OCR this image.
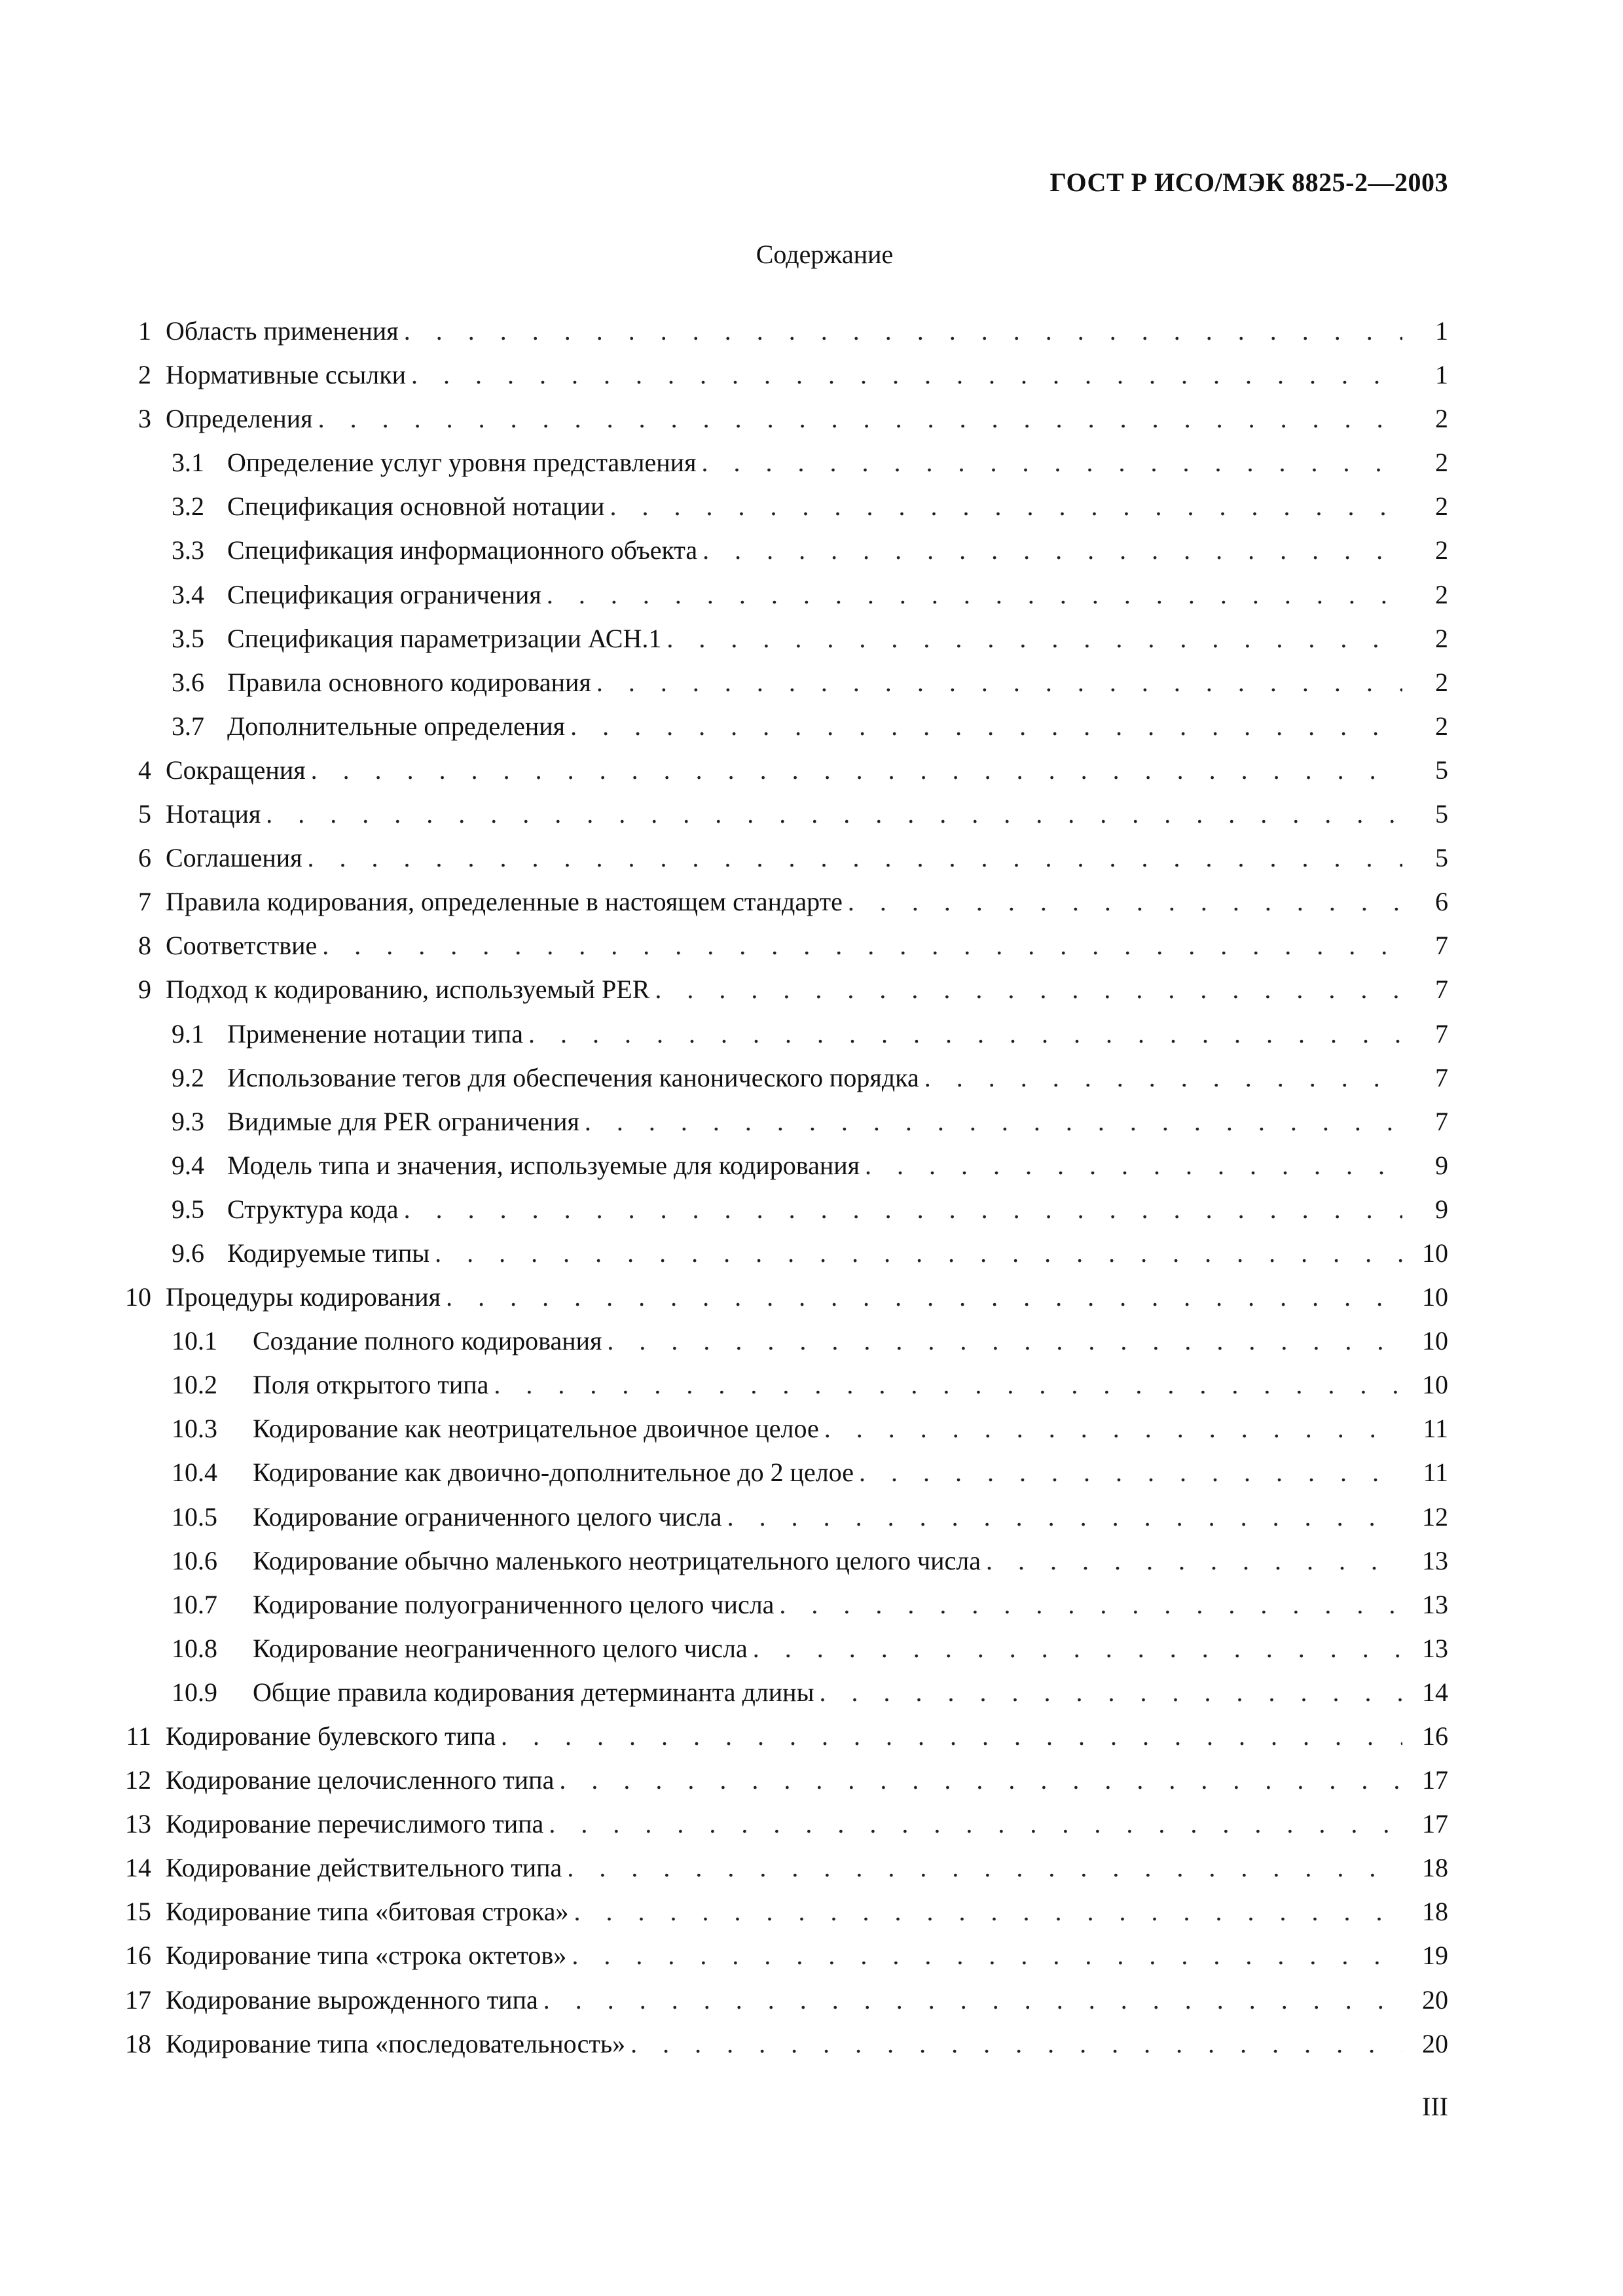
ГОСТ Р ИСО/МЭК 8825-2—2003
Содержание
1 Область применения . . .	1
2 Нормативные ссылки . . .	1
3 Определения . . .	2
3.1 Определение услуг уровня представления . . .	2
3.2 Спецификация основной нотации . . .	2
3.3 Спецификация информационного объекта . . .	2
3.4 Спецификация ограничения . . .	2
3.5 Спецификация параметризации АСН.1 . . .	2
3.6 Правила основного кодирования . . .	2
3.7 Дополнительные определения . . .	2
4 Сокращения . . .	5
5 Нотация . . .	5
6 Соглашения . . .	5
7 Правила кодирования, определенные в настоящем стандарте . . .	6
8 Соответствие . . .	7
9 Подход к кодированию, используемый PER . . .	7
9.1 Применение нотации типа . . .	7
9.2 Использование тегов для обеспечения канонического порядка . . .	7
9.3 Видимые для PER ограничения . . .	7
9.4 Модель типа и значения, используемые для кодирования . . .	9
9.5 Структура кода . . .	9
9.6 Кодируемые типы . . .	10
10 Процедуры кодирования . . .	10
10.1	Создание полного кодирования . . .	10
10.2	Поля открытого типа . . .	10
10.3	Кодирование как неотрицательное двоичное целое . . .	11
10.4	Кодирование как двоично-дополнительное до 2 целое . . .	11
10.5	Кодирование ограниченного целого числа . . .	12
10.6	Кодирование обычно маленького неотрицательного целого числа . . .	13
10.7	Кодирование полуограниченного целого числа . . .	13
10.8	Кодирование неограниченного целого числа . . .	13
10.9	Общие правила кодирования детерминанта длины . . .	14
11 Кодирование булевского типа . . .	16
12 Кодирование целочисленного типа . . .	17
13 Кодирование перечислимого типа . . .	17
14 Кодирование действительного типа . . .	18
15 Кодирование типа «битовая строка» . . .	18
16 Кодирование типа «строка октетов» . . .	19
17 Кодирование вырожденного типа . . .	20
18 Кодирование типа «последовательность» . . .	20
III
